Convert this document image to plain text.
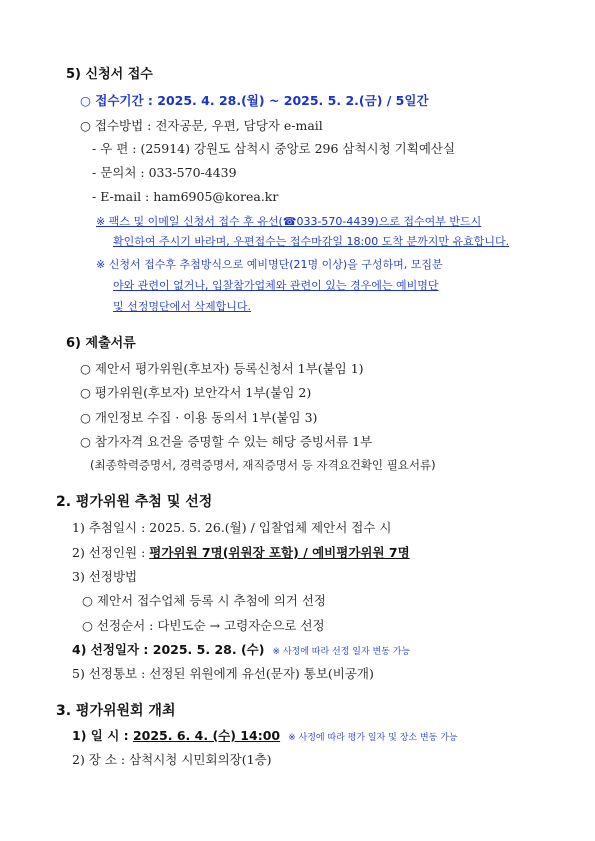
5) 신청서 접수
○ 접수기간 : 2025. 4. 28.(월) ~ 2025. 5. 2.(금) / 5일간
○ 접수방법 : 전자공문, 우편, 담당자 e-mail
- 우 편 : (25914) 강원도 삼척시 중앙로 296 삼척시청 기획예산실
- 문의처 : 033-570-4439
- E-mail : ham6905@korea.kr
※ 팩스 및 이메일 신청서 접수 후 유선(☎033-570-4439)으로 접수여부 반드시
확인하여 주시기 바라며, 우편접수는 접수마감일 18:00 도착 분까지만 유효합니다.
※ 신청서 접수후 추첨방식으로 예비명단(21명 이상)을 구성하며, 모집분
야와 관련이 없거나, 입찰참가업체와 관련이 있는 경우에는 예비명단
및 선정명단에서 삭제합니다.
6) 제출서류
○ 제안서 평가위원(후보자) 등록신청서 1부(붙임 1)
○ 평가위원(후보자) 보안각서 1부(붙임 2)
○ 개인정보 수집 · 이용 동의서 1부(붙임 3)
○ 참가자격 요건을 증명할 수 있는 해당 증빙서류 1부
(최종학력증명서, 경력증명서, 재직증명서 등 자격요건확인 필요서류)
2. 평가위원 추첨 및 선정
1) 추첨일시 : 2025. 5. 26.(월) / 입찰업체 제안서 접수 시
2) 선정인원 : 평가위원 7명(위원장 포함) / 예비평가위원 7명
3) 선정방법
○ 제안서 접수업체 등록 시 추첨에 의거 선정
○ 선정순서 : 다빈도순 → 고령자순으로 선정
4) 선정일자 : 2025. 5. 28. (수) ※ 사정에 따라 선정 일자 변동 가능
5) 선정통보 : 선정된 위원에게 유선(문자) 통보(비공개)
3. 평가위원회 개최
1) 일 시 : 2025. 6. 4. (수) 14:00 ※ 사정에 따라 평가 일자 및 장소 변동 가능
2) 장 소 : 삼척시청 시민회의장(1층)
